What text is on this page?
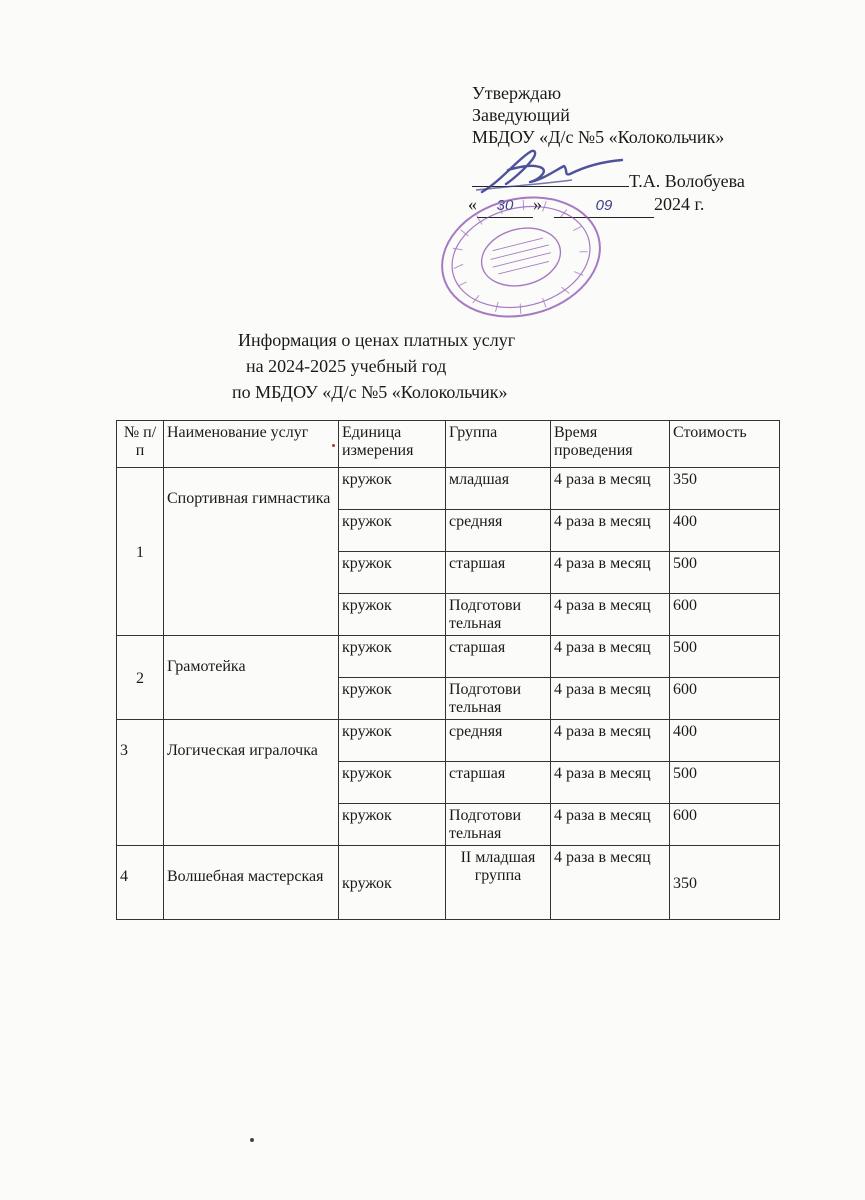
Утверждаю
Заведующий
МБДОУ «Д/с №5 «Колокольчик»
Т.А. Волобуева
« 30 »	09 2024 г.
Информация о ценах платных услуг
на 2024-2025 учебный год
по МБДОУ «Д/с №5 «Колокольчик»
№ п/п	Наименование услуг	Единица измерения	Группа	Время проведения	Стоимость
1	Спортивная гимнастика	кружок	младшая	4 раза в месяц	350
		кружок	средняя	4 раза в месяц	400
		кружок	старшая	4 раза в месяц	500
		кружок	Подготови тельная	4 раза в месяц	600
2	Грамотейка	кружок	старшая	4 раза в месяц	500
		кружок	Подготови тельная	4 раза в месяц	600
3	Логическая игралочка	кружок	средняя	4 раза в месяц	400
		кружок	старшая	4 раза в месяц	500
		кружок	Подготови тельная	4 раза в месяц	600
4	Волшебная мастерская	кружок	II младшая группа	4 раза в месяц	350
